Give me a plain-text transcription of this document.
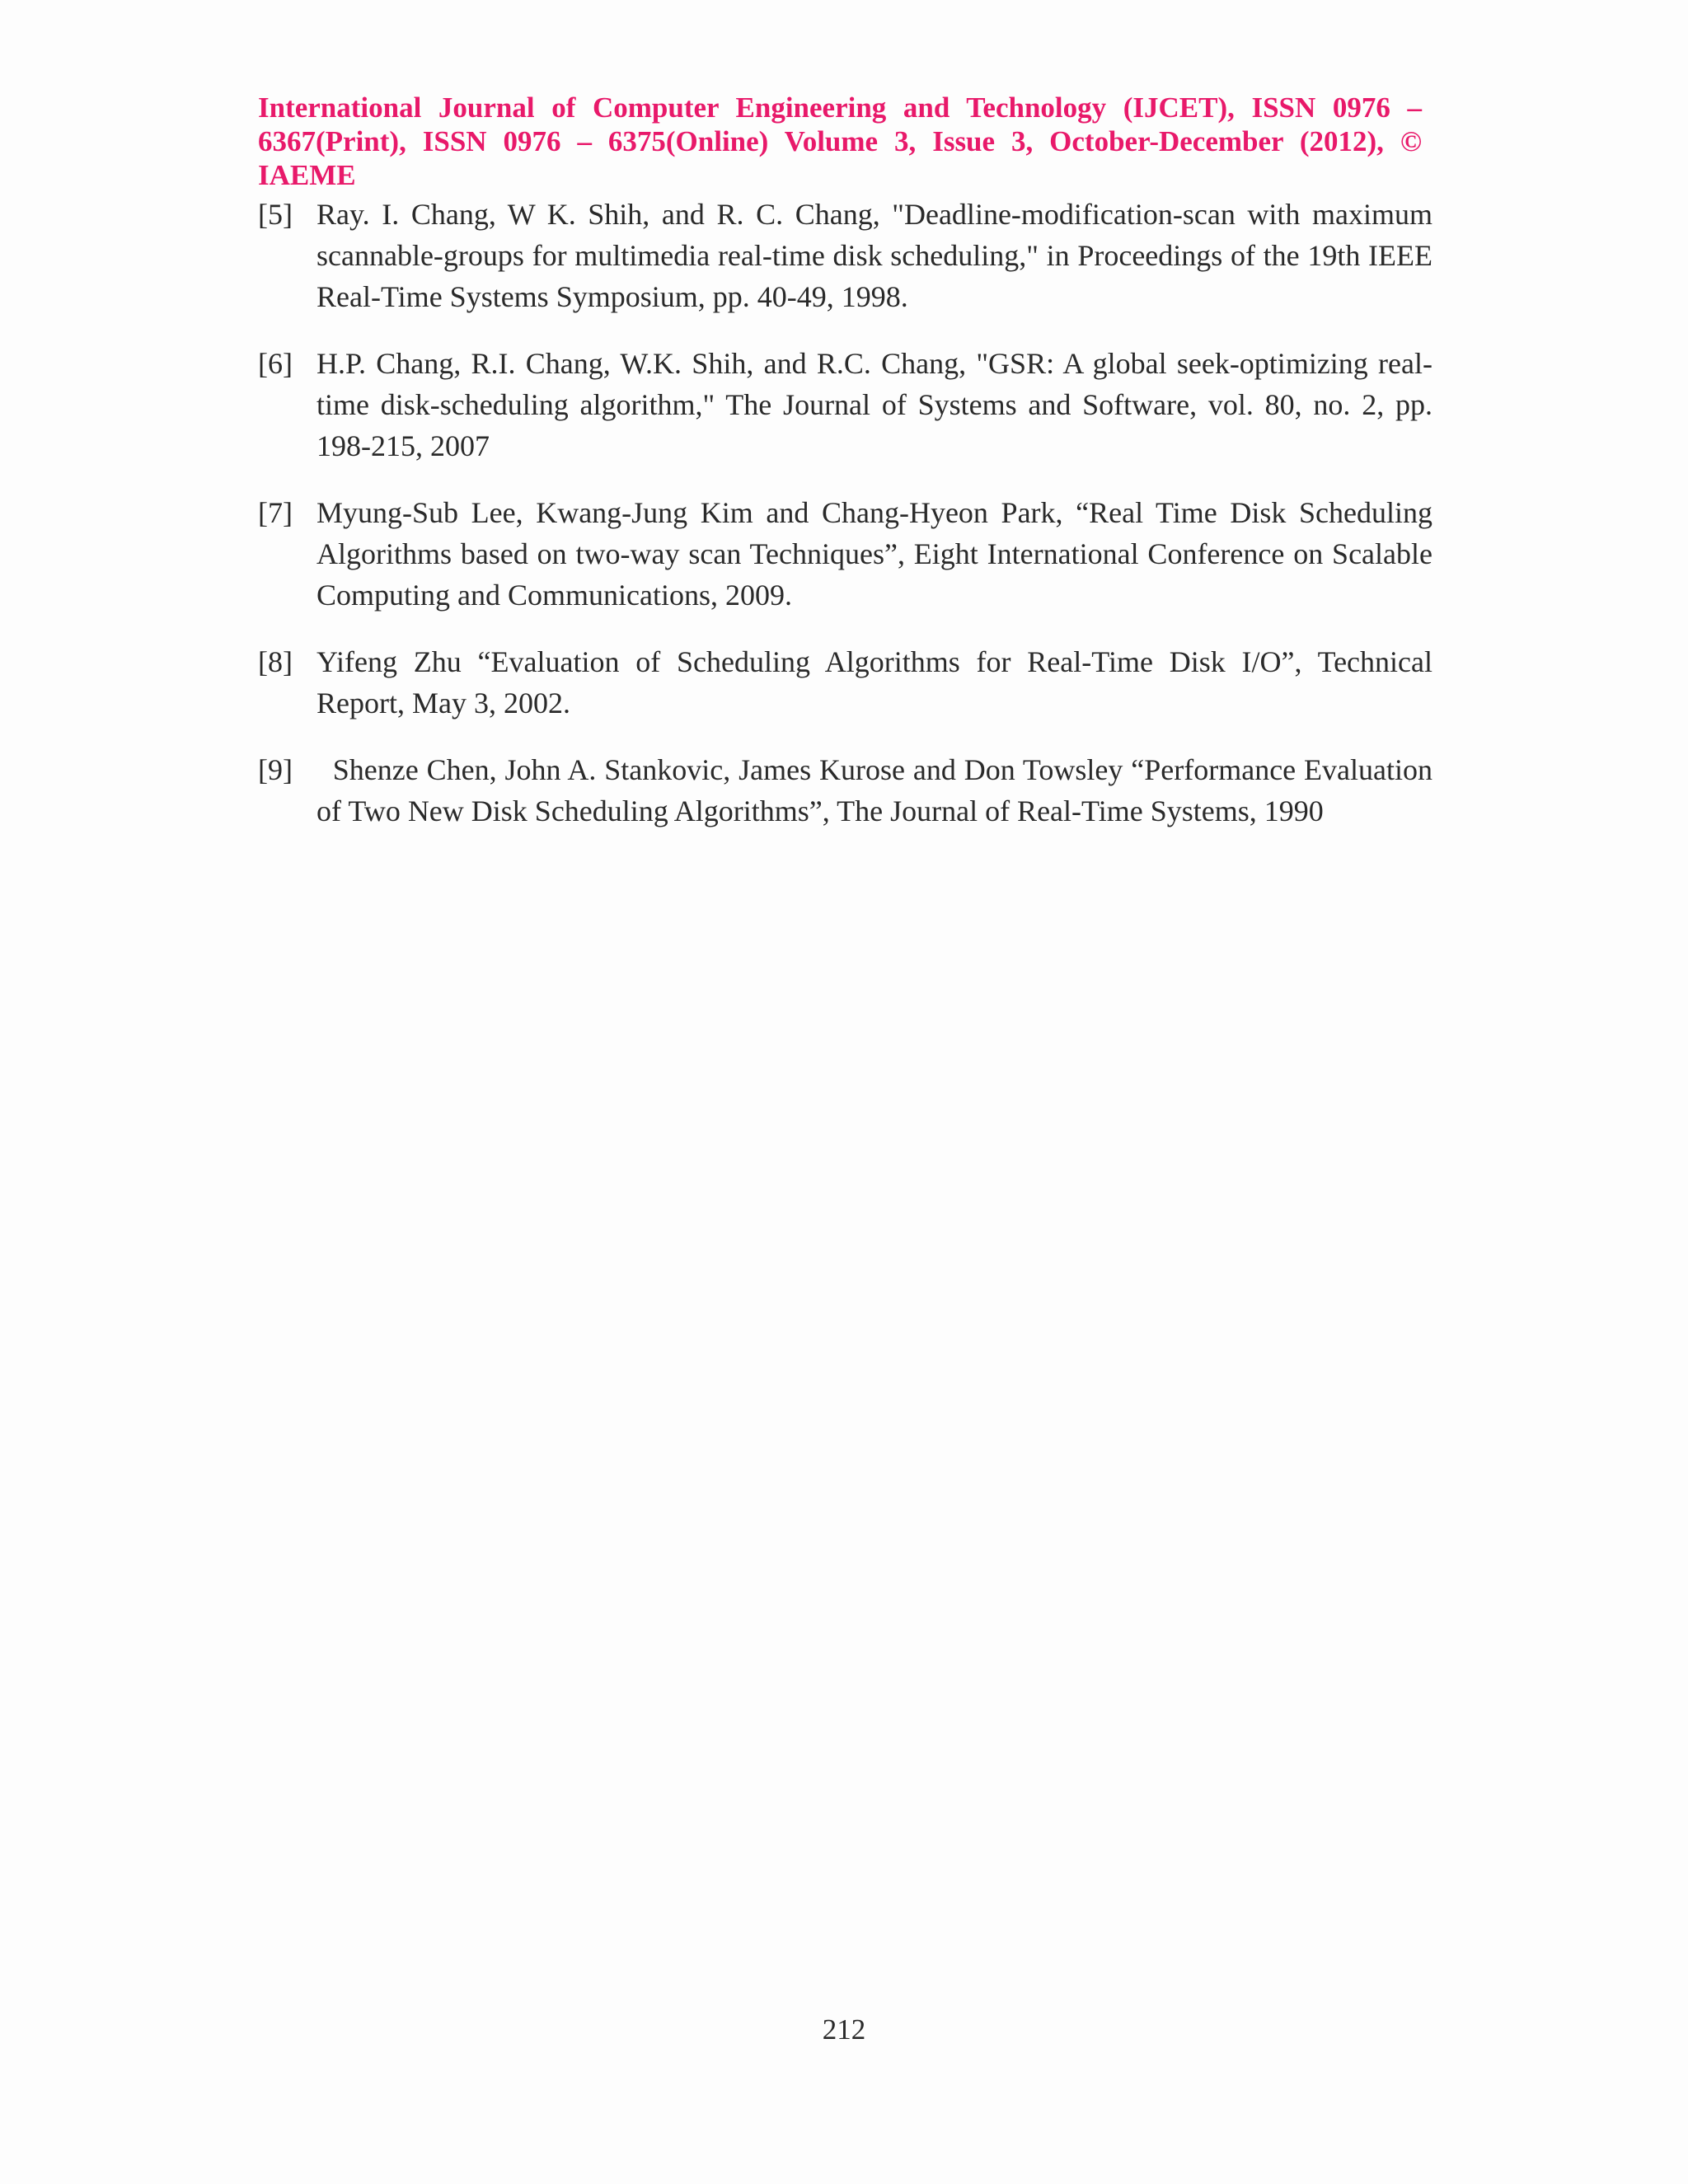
International Journal of Computer Engineering and Technology (IJCET), ISSN 0976 –
6367(Print), ISSN 0976 – 6375(Online) Volume 3, Issue 3, October-December (2012), © IAEME
[5] Ray. I. Chang, W K. Shih, and R. C. Chang, "Deadline-modification-scan with maximum scannable-groups for multimedia real-time disk scheduling," in Proceedings of the 19th IEEE Real-Time Systems Symposium, pp. 40-49, 1998.
[6] H.P. Chang, R.I. Chang, W.K. Shih, and R.C. Chang, "GSR: A global seek-optimizing real-time disk-scheduling algorithm," The Journal of Systems and Software, vol. 80, no. 2, pp. 198-215, 2007
[7] Myung-Sub Lee, Kwang-Jung Kim and Chang-Hyeon Park, “Real Time Disk Scheduling Algorithms based on two-way scan Techniques”, Eight International Conference on Scalable Computing and Communications, 2009.
[8] Yifeng Zhu “Evaluation of Scheduling Algorithms for Real-Time Disk I/O”, Technical Report, May 3, 2002.
[9] Shenze Chen, John A. Stankovic, James Kurose and Don Towsley “Performance Evaluation of Two New Disk Scheduling Algorithms”, The Journal of Real-Time Systems, 1990
212
